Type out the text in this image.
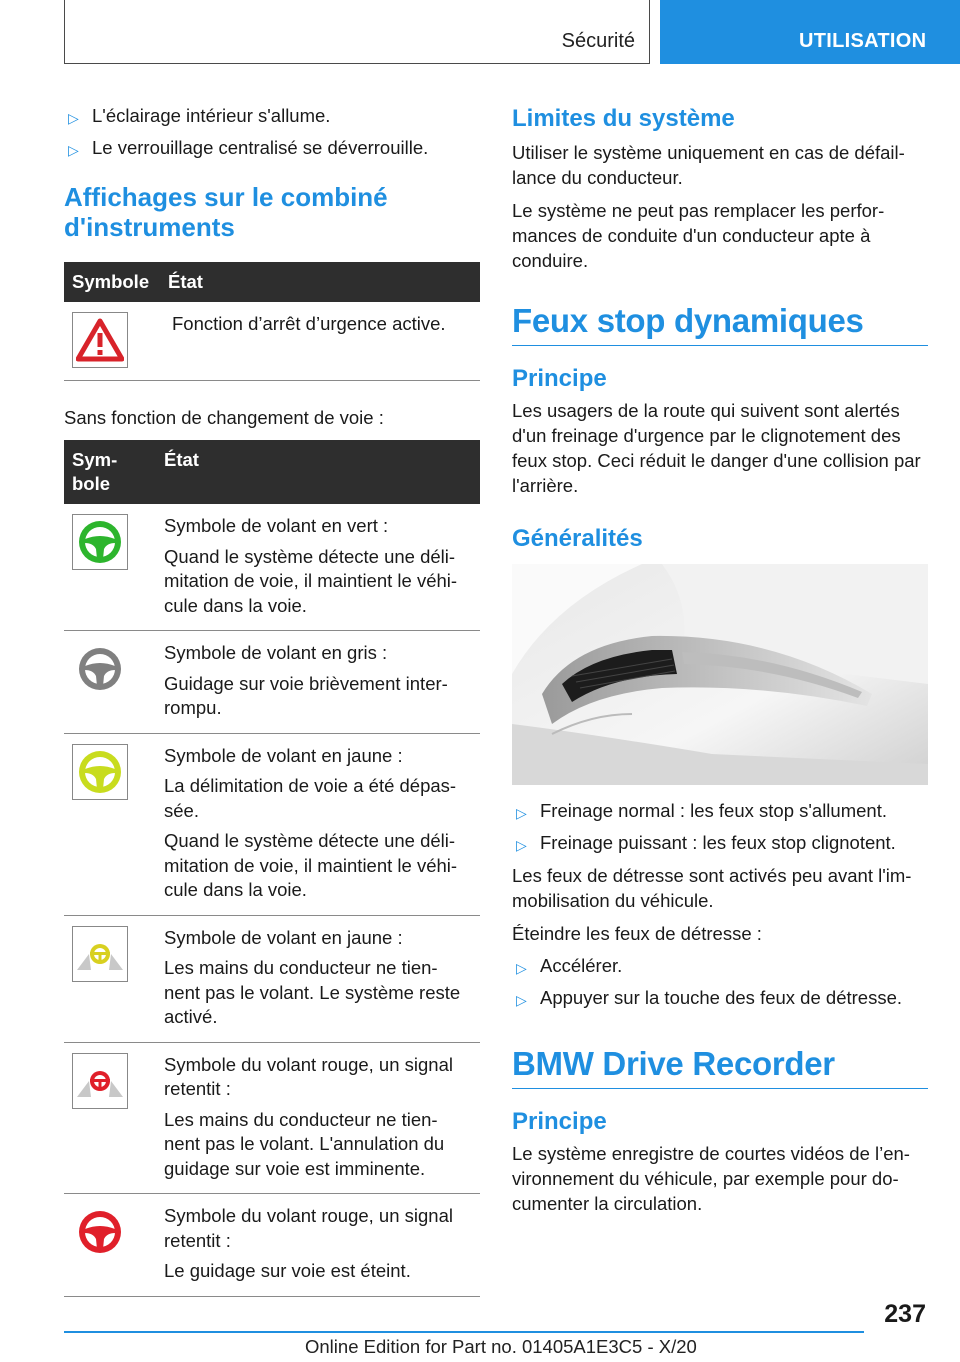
Sécurité	UTILISATION
▷ L'éclairage intérieur s'allume.
▷ Le verrouillage centralisé se déverrouille.
Affichages sur le combiné d'instruments
Symbole	État

Fonction d’arrêt d’urgence active.

Sans fonction de changement de voie :

Sym-
bole	État

Symbole de volant en vert :

Quand le système détecte une déli-mitation de voie, il maintient le véhi-cule dans la voie.

Symbole de volant en gris :

Guidage sur voie brièvement inter-rompu.

Symbole de volant en jaune :

La délimitation de voie a été dépas-sée.

Quand le système détecte une déli-mitation de voie, il maintient le véhi-cule dans la voie.

Symbole de volant en jaune :

Les mains du conducteur ne tien-nent pas le volant. Le système reste activé.

Symbole du volant rouge, un signal retentit :

Les mains du conducteur ne tien-nent pas le volant. L'annulation du guidage sur voie est imminente.

Symbole du volant rouge, un signal retentit :

Le guidage sur voie est éteint.

Limites du système

Utiliser le système uniquement en cas de défail-lance du conducteur.

Le système ne peut pas remplacer les perfor-mances de conduite d'un conducteur apte à conduire.

Feux stop dynamiques
Principe

Les usagers de la route qui suivent sont alertés d'un freinage d'urgence par le clignotement des feux stop. Ceci réduit le danger d'une collision par l'arrière.

Généralités
▷ Freinage normal : les feux stop s'allument.
▷ Freinage puissant : les feux stop clignotent.

Les feux de détresse sont activés peu avant l'im-mobilisation du véhicule.

Éteindre les feux de détresse :

▷ Accélérer.
▷ Appuyer sur la touche des feux de détresse.
BMW Drive Recorder
Principe

Le système enregistre de courtes vidéos de l’en-vironnement du véhicule, par exemple pour do-cumenter la circulation.

237
Online Edition for Part no. 01405A1E3C5 - X/20
